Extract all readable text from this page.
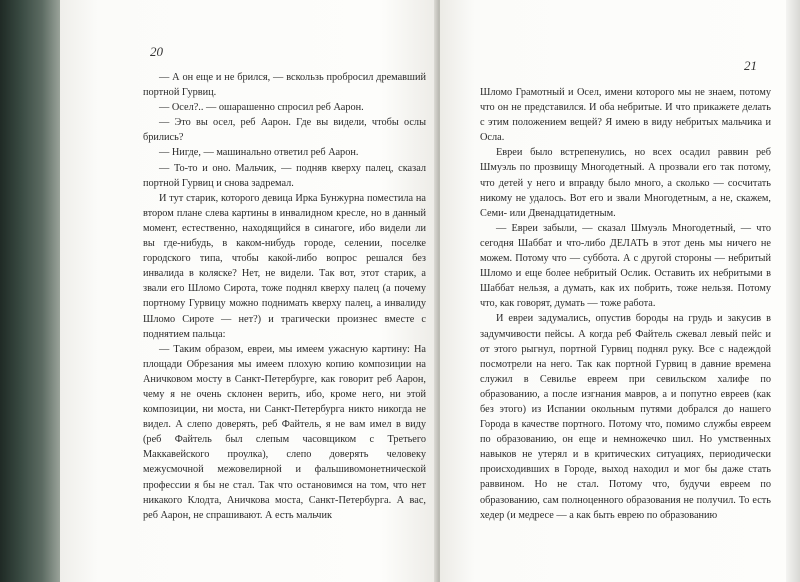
20

— А он еще и не брился, — вскользь пробросил дремавший портной Гурвиц.

— Осел?.. — ошарашенно спросил реб Аарон.

— Это вы осел, реб Аарон. Где вы видели, чтобы ослы брились?

— Нигде, — машинально ответил реб Аарон.

— То-то и оно. Мальчик, — подняв кверху палец, сказал портной Гурвиц и снова задремал.

И тут старик, которого девица Ирка Бунжурна поместила на втором плане слева картины в инвалидном кресле, но в данный момент, естественно, находящийся в синагоге, ибо видели ли вы где-нибудь, в каком-нибудь городе, селении, поселке городского типа, чтобы какой-либо вопрос решался без инвалида в коляске? Нет, не видели. Так вот, этот старик, а звали его Шломо Сирота, тоже поднял кверху палец (а почему портному Гурвицу можно поднимать кверху палец, а инвалиду Шломо Сироте — нет?) и трагически произнес вместе с поднятием пальца:

— Таким образом, евреи, мы имеем ужасную картину: На площади Обрезания мы имеем плохую копию композиции на Аничковом мосту в Санкт-Петербурге, как говорит реб Аарон, чему я не очень склонен верить, ибо, кроме него, ни этой композиции, ни моста, ни Санкт-Петербурга никто никогда не видел. А слепо доверять, реб Файтель, я не вам имел в виду (реб Файтель был слепым часовщиком с Третьего Маккавейского проулка), слепо доверять человеку межусмочной межовелирной и фальшивомонетнической профессии я бы не стал. Так что остановимся на том, что нет никакого Клодта, Аничкова моста, Санкт-Петербурга. А вас, реб Аарон, не спрашивают. А есть мальчик

21

Шломо Грамотный и Осел, имени которого мы не знаем, потому что он не представился. И оба небритые. И что прикажете делать с этим положением вещей? Я имею в виду небритых мальчика и Осла.

Евреи было встрепенулись, но всех осадил раввин реб Шмуэль по прозвищу Многодетный. А прозвали его так потому, что детей у него и вправду было много, а сколько — сосчитать никому не удалось. Вот его и звали Многодетным, а не, скажем, Семи- или Двенадцатидетным.

— Евреи забыли, — сказал Шмуэль Многодетный, — что сегодня Шаббат и что-либо ДЕЛАТЬ в этот день мы ничего не можем. Потому что — суббота. А с другой стороны — небритый Шломо и еще более небритый Ослик. Оставить их небритыми в Шаббат нельзя, а думать, как их побрить, тоже нельзя. Потому что, как говорят, думать — тоже работа.

И евреи задумались, опустив бороды на грудь и закусив в задумчивости пейсы. А когда реб Файтель сжевал левый пейс и от этого рыгнул, портной Гурвиц поднял руку. Все с надеждой посмотрели на него. Так как портной Гурвиц в давние времена служил в Севилье евреем при севильском халифе по образованию, а после изгнания мавров, а и попутно евреев (как без этого) из Испании окольным путями добрался до нашего Города в качестве портного. Потому что, помимо службы евреем по образованию, он еще и немножечко шил. Но умственных навыков не утерял и в критических ситуациях, периодически происходивших в Городе, выход находил и мог бы даже стать раввином. Но не стал. Потому что, будучи евреем по образованию, сам полноценного образования не получил. То есть хедер (и медресе — а как быть еврею по образованию
